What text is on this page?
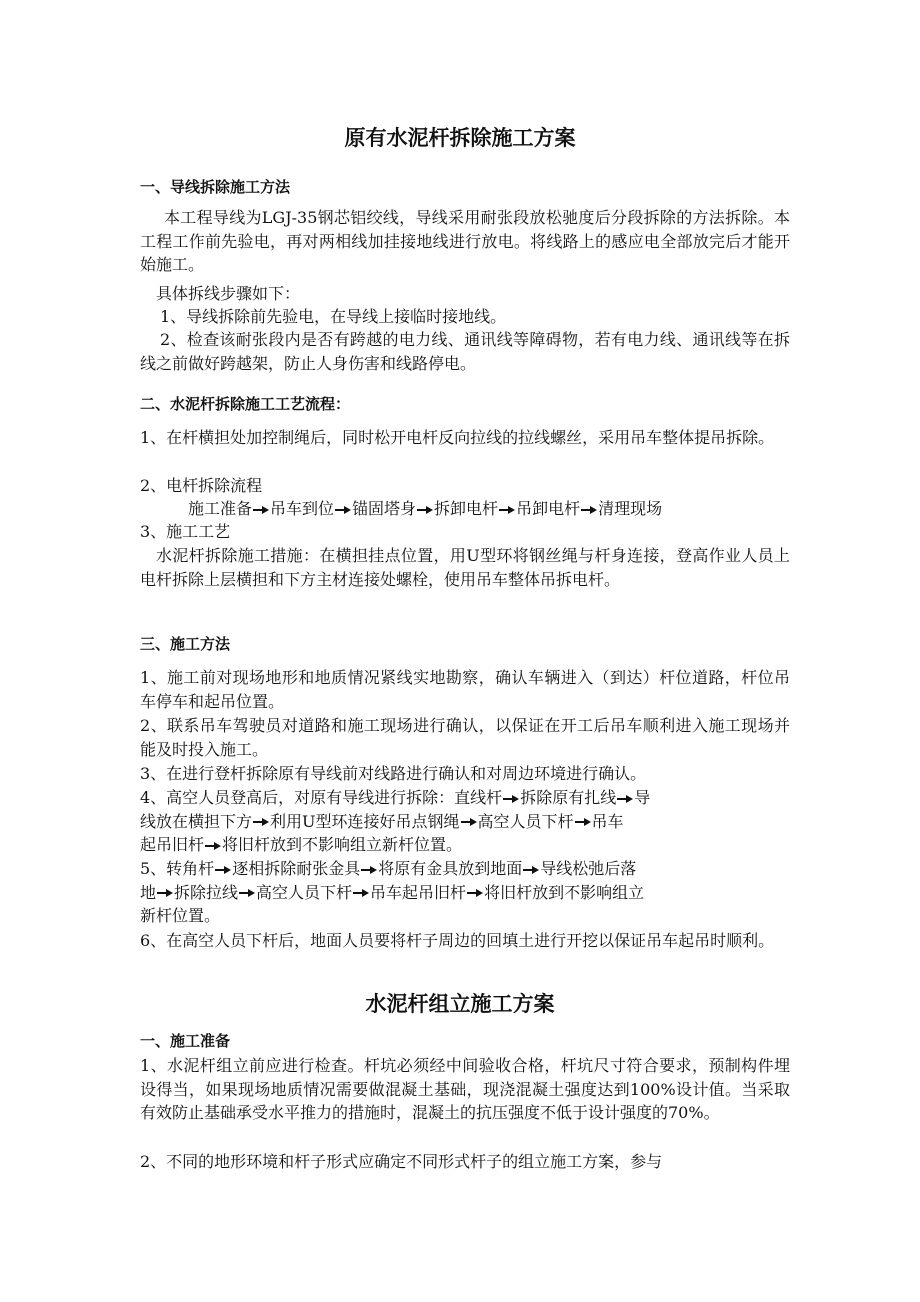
原有水泥杆拆除施工方案
一、导线拆除施工方法

本工程导线为LGJ-35钢芯铝绞线，导线采用耐张段放松驰度后分段拆除的方法拆除。本工程工作前先验电，再对两相线加挂接地线进行放电。将线路上的感应电全部放完后才能开始施工。

具体拆线步骤如下：
1、导线拆除前先验电，在导线上接临时接地线。

2、检查该耐张段内是否有跨越的电力线、通讯线等障碍物，若有电力线、通讯线等在拆线之前做好跨越架，防止人身伤害和线路停电。

二、水泥杆拆除施工工艺流程：

1、在杆横担处加控制绳后，同时松开电杆反向拉线的拉线螺丝，采用吊车整体提吊拆除。

2、电杆拆除流程
施工准备 吊车到位 锚固塔身 拆卸电杆 吊卸电杆 清理现场
3、施工工艺

水泥杆拆除施工措施：在横担挂点位置，用U型环将钢丝绳与杆身连接，登高作业人员上电杆拆除上层横担和下方主材连接处螺栓，使用吊车整体吊拆电杆。

三、施工方法

1、施工前对现场地形和地质情况紧线实地勘察，确认车辆进入（到达）杆位道路，杆位吊车停车和起吊位置。

2、联系吊车驾驶员对道路和施工现场进行确认，以保证在开工后吊车顺利进入施工现场并能及时投入施工。

3、在进行登杆拆除原有导线前对线路进行确认和对周边环境进行确认。

4、高空人员登高后，对原有导线进行拆除：直线杆 拆除原有扎线 导
线放在横担下方 利用U型环连接好吊点钢绳 高空人员下杆 吊车
起吊旧杆 将旧杆放到不影响组立新杆位置。
5、转角杆 逐相拆除耐张金具 将原有金具放到地面 导线松弛后落
地 拆除拉线 高空人员下杆 吊车起吊旧杆 将旧杆放到不影响组立
新杆位置。

6、在高空人员下杆后，地面人员要将杆子周边的回填土进行开挖以保证吊车起吊时顺利。

水泥杆组立施工方案
一、施工准备

1、水泥杆组立前应进行检查。杆坑必须经中间验收合格，杆坑尺寸符合要求，预制构件埋设得当，如果现场地质情况需要做混凝土基础，现浇混凝土强度达到100%设计值。当采取有效防止基础承受水平推力的措施时，混凝土的抗压强度不低于设计强度的70%。

2、不同的地形环境和杆子形式应确定不同形式杆子的组立施工方案，参与
